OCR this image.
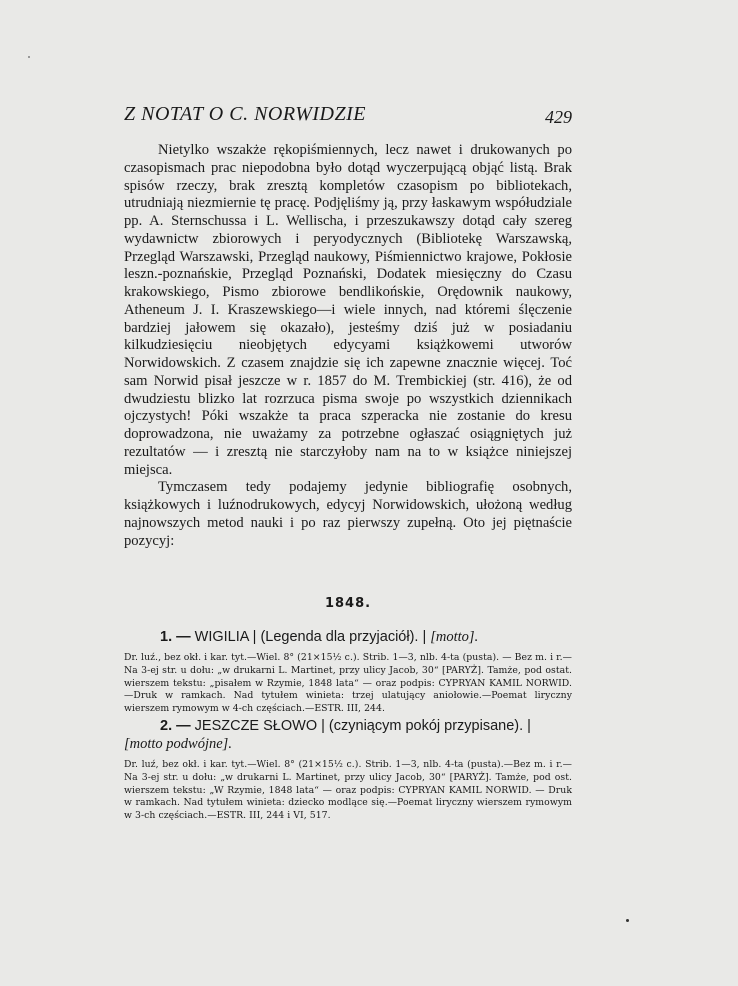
Z NOTAT O C. NORWIDZIE	429

Nietylko wszakże rękopiśmiennych, lecz nawet i drukowanych po czasopismach prac niepodobna było dotąd wyczerpującą objąć listą. Brak spisów rzeczy, brak zresztą kompletów czasopism po bibliotekach, utrudniają niezmiernie tę pracę. Podjęliśmy ją, przy łaskawym współudziale pp. A. Sternschussa i L. Wellischa, i przeszukawszy dotąd cały szereg wydawnictw zbiorowych i peryodycznych (Bibliotekę Warszawską, Przegląd Warszawski, Przegląd naukowy, Piśmiennictwo krajowe, Pokłosie leszn.-poznańskie, Przegląd Poznański, Dodatek miesięczny do Czasu krakowskiego, Pismo zbiorowe bendlikońskie, Orędownik naukowy, Atheneum J. I. Kraszewskiego—i wiele innych, nad któremi ślęczenie bardziej jałowem się okazało), jesteśmy dziś już w posiadaniu kilkudziesięciu nieobjętych edycyami książkowemi utworów Norwidowskich. Z czasem znajdzie się ich zapewne znacznie więcej. Toć sam Norwid pisał jeszcze w r. 1857 do M. Trembickiej (str. 416), że od dwudziestu blizko lat rozrzuca pisma swoje po wszystkich dziennikach ojczystych! Póki wszakże ta praca szperacka nie zostanie do kresu doprowadzona, nie uważamy za potrzebne ogłaszać osiągniętych już rezultatów — i zresztą nie starczyłoby nam na to w książce niniejszej miejsca.

Tymczasem tedy podajemy jedynie bibliografię osobnych, książkowych i luźnodrukowych, edycyj Norwidowskich, ułożoną według najnowszych metod nauki i po raz pierwszy zupełną. Oto jej piętnaście pozycyj:

1848.
1. — WIGILIA | (Legenda dla przyjaciół). | [motto].
Dr. luź., bez okł. i kar. tyt.—Wiel. 8° (21×15½ c.). Strib. 1—3, nlb. 4-ta (pusta). — Bez m. i r.—Na 3-ej str. u dołu: „w drukarni L. Martinet, przy ulicy Jacob, 30“ [PARYŻ]. Tamże, pod ostat. wierszem tekstu: „pisałem w Rzymie, 1848 lata“ — oraz podpis: CYPRYAN KAMIL NORWID.—Druk w ramkach. Nad tytułem winieta: trzej ulatujący aniołowie.—Poemat liryczny wierszem rymowym w 4-ch częściach.—ESTR. III, 244.
2. — JESZCZE SŁOWO | (czyniącym pokój przypisane). | [motto podwójne].
Dr. luź, bez okł. i kar. tyt.—Wiel. 8° (21×15½ c.). Strib. 1—3, nlb. 4-ta (pusta).—Bez m. i r.—Na 3-ej str. u dołu: „w drukarni L. Martinet, przy ulicy Jacob, 30“ [PARYŻ]. Tamże, pod ost. wierszem tekstu: „W Rzymie, 1848 lata“ — oraz podpis: CYPRYAN KAMIL NORWID. — Druk w ramkach. Nad tytułem winieta: dziecko modlące się.—Poemat liryczny wierszem rymowym w 3-ch częściach.—ESTR. III, 244 i VI, 517.
